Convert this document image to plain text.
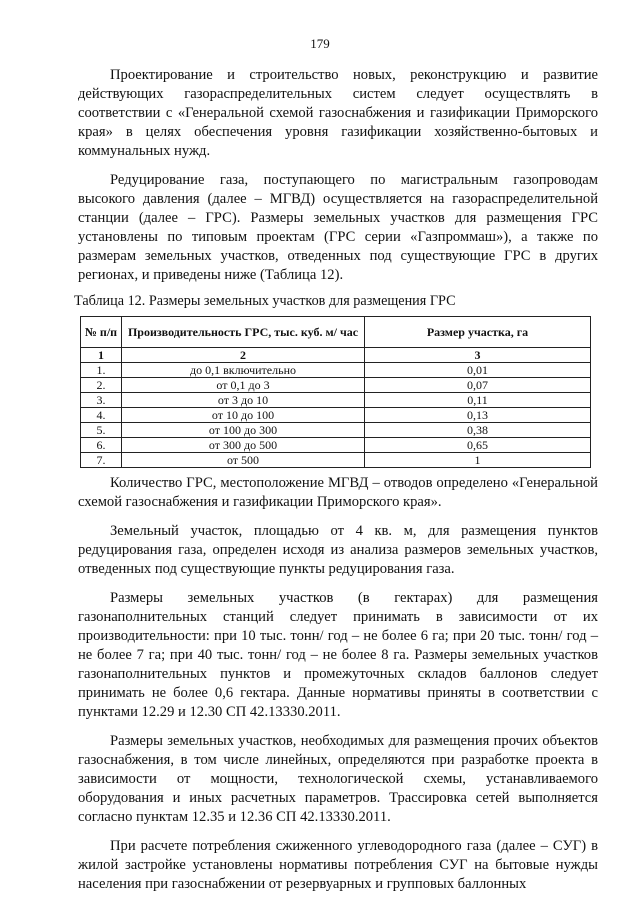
179

Проектирование и строительство новых, реконструкцию и развитие действующих газораспределительных систем следует осуществлять в соответствии с «Генеральной схемой газоснабжения и газификации Приморского края» в целях обеспечения уровня газификации хозяйственно-бытовых и коммунальных нужд.

Редуцирование газа, поступающего по магистральным газопроводам высокого давления (далее – МГВД) осуществляется на газораспределительной станции (далее – ГРС). Размеры земельных участков для размещения ГРС установлены по типовым проектам (ГРС серии «Газпроммаш»), а также по размерам земельных участков, отведенных под существующие ГРС в других регионах, и приведены ниже (Таблица 12).

Таблица 12. Размеры земельных участков для размещения ГРС
№ п/п	Производительность ГРС, тыс. куб. м/ час	Размер участка, га
1	2	3
1.	до 0,1 включительно	0,01
2.	от 0,1 до 3	0,07
3.	от 3 до 10	0,11
4.	от 10 до 100	0,13
5.	от 100 до 300	0,38
6.	от 300 до 500	0,65
7.	от 500	1

Количество ГРС, местоположение МГВД – отводов определено «Генеральной схемой газоснабжения и газификации Приморского края».

Земельный участок, площадью от 4 кв. м, для размещения пунктов редуцирования газа, определен исходя из анализа размеров земельных участков, отведенных под существующие пункты редуцирования газа.

Размеры земельных участков (в гектарах) для размещения газонаполнительных станций следует принимать в зависимости от их производительности: при 10 тыс. тонн/ год – не более 6 га; при 20 тыс. тонн/ год – не более 7 га; при 40 тыс. тонн/ год – не более 8 га. Размеры земельных участков газонаполнительных пунктов и промежуточных складов баллонов следует принимать не более 0,6 гектара. Данные нормативы приняты в соответствии с пунктами 12.29 и 12.30 СП 42.13330.2011.

Размеры земельных участков, необходимых для размещения прочих объектов газоснабжения, в том числе линейных, определяются при разработке проекта в зависимости от мощности, технологической схемы, устанавливаемого оборудования и иных расчетных параметров. Трассировка сетей выполняется согласно пунктам 12.35 и 12.36 СП 42.13330.2011.

При расчете потребления сжиженного углеводородного газа (далее – СУГ) в жилой застройке установлены нормативы потребления СУГ на бытовые нужды населения при газоснабжении от резервуарных и групповых баллонных
